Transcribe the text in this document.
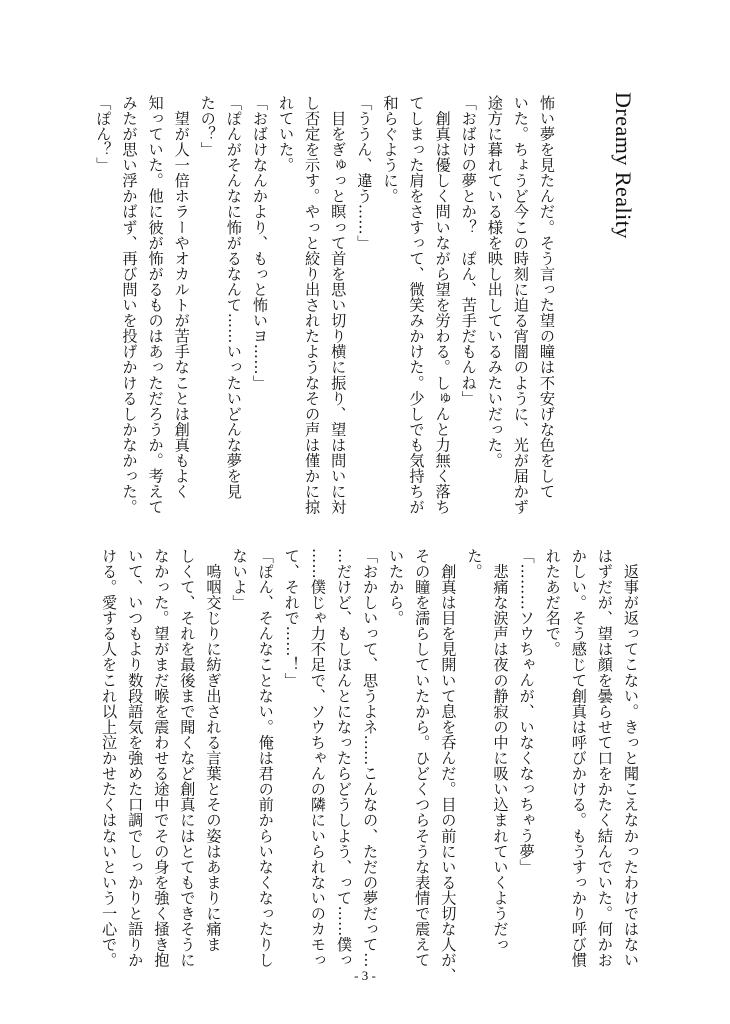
Dreamy Reality

怖い夢を見たんだ。そう言った望の瞳は不安げな色をして

いた。ちょうど今この時刻に迫る宵闇のように、光が届かず

途方に暮れている様を映し出しているみたいだった。

「おばけの夢とか？　ぽん、苦手だもんね」

　創真は優しく問いながら望を労わる。しゅんと力無く落ち

てしまった肩をさすって、微笑みかけた。少しでも気持ちが

和らぐように。

「ううん、違う……」

　目をぎゅっと瞑って首を思い切り横に振り、望は問いに対

し否定を示す。やっと絞り出されたようなその声は僅かに掠

れていた。

「おばけなんかより、もっと怖いヨ……」

「ぽんがそんなに怖がるなんて……いったいどんな夢を見

たの？」

　望が人一倍ホラーやオカルトが苦手なことは創真もよく

知っていた。他に彼が怖がるものはあっただろうか。考えて

みたが思い浮かばず、再び問いを投げかけるしかなかった。

「ぽん？」

　返事が返ってこない。きっと聞こえなかったわけではない

はずだが、望は顔を曇らせて口をかたく結んでいた。何かお

かしい。そう感じて創真は呼びかける。もうすっかり呼び慣

れたあだ名で。

「………ソウちゃんが、いなくなっちゃう夢」

　悲痛な涙声は夜の静寂の中に吸い込まれていくようだっ

た。

　創真は目を見開いて息を呑んだ。目の前にいる大切な人が、

その瞳を濡らしていたから。ひどくつらそうな表情で震えて

いたから。

「おかしいって、思うよネ……こんなの、ただの夢だって…

…だけど、もしほんとになったらどうしよう、って……僕っ

……僕じゃ力不足で、ソウちゃんの隣にいられないのカモっ

て、それで……！」

「ぽん、そんなことない。俺は君の前からいなくなったりし

ないよ」

　嗚咽交じりに紡ぎ出される言葉とその姿はあまりに痛ま

しくて、それを最後まで聞くなど創真にはとてもできそうに

なかった。望がまだ喉を震わせる途中でその身を強く掻き抱

いて、いつもより数段語気を強めた口調でしっかりと語りか

ける。愛する人をこれ以上泣かせたくはないという一心で。

- 3 -
